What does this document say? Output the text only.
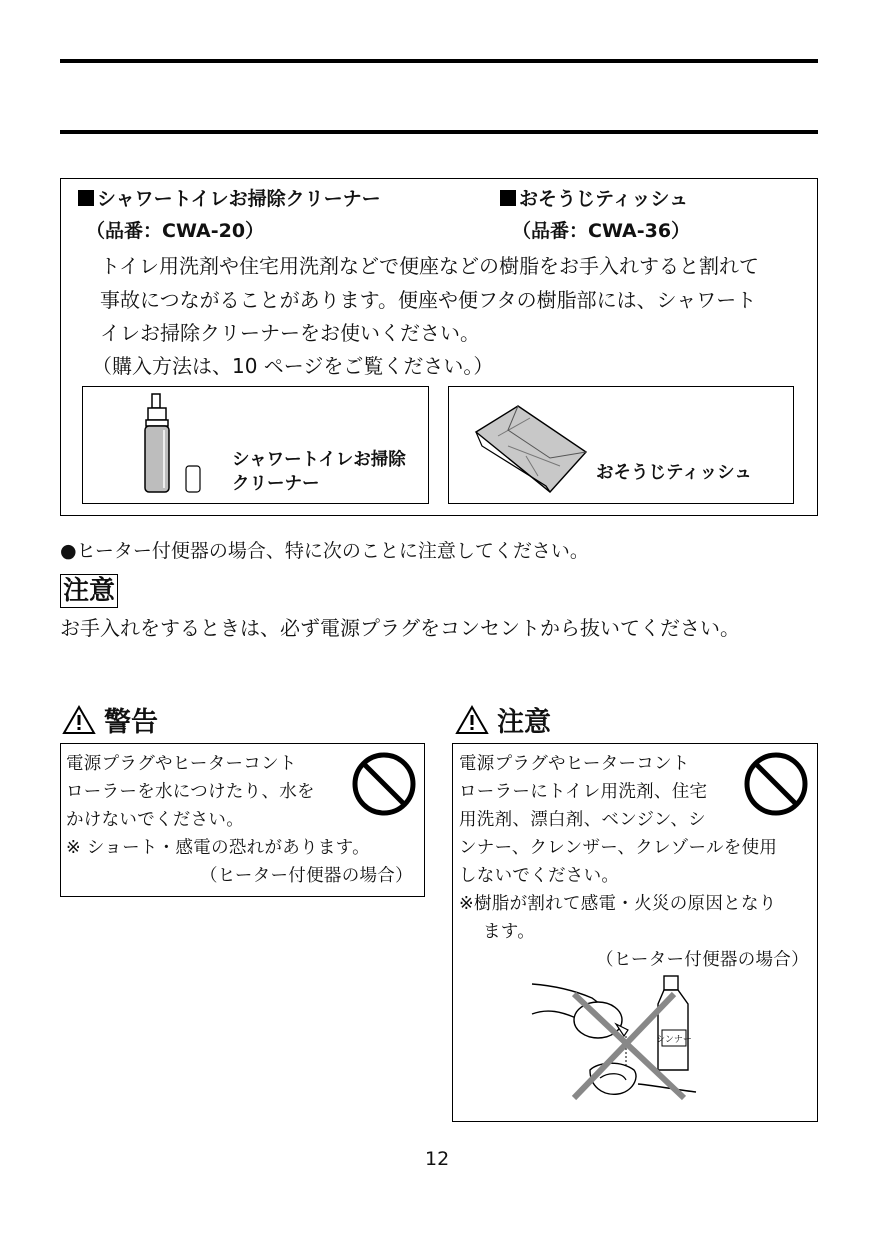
シャワートイレお掃除クリーナー
（品番：CWA-20）
おそうじティッシュ
（品番：CWA-36）
トイレ用洗剤や住宅用洗剤などで便座などの樹脂をお手入れすると割れて
事故につながることがあります。便座や便フタの樹脂部には、シャワート
イレお掃除クリーナーをお使いください。
（購入方法は、10 ページをご覧ください。）
シャワートイレお掃除
クリーナー
おそうじティッシュ
●ヒーター付便器の場合、特に次のことに注意してください。
注意
お手入れをするときは、必ず電源プラグをコンセントから抜いてください。
警告
電源プラグやヒーターコント
ローラーを水につけたり、水を
かけないでください。
※ ショート・感電の恐れがあります。
（ヒーター付便器の場合）
注意
電源プラグやヒーターコント
ローラーにトイレ用洗剤、住宅
用洗剤、漂白剤、ベンジン、シ
ンナー、クレンザー、クレゾールを使用
しないでください。
※樹脂が割れて感電・火災の原因となり
ます。
（ヒーター付便器の場合）
シンナー
12
